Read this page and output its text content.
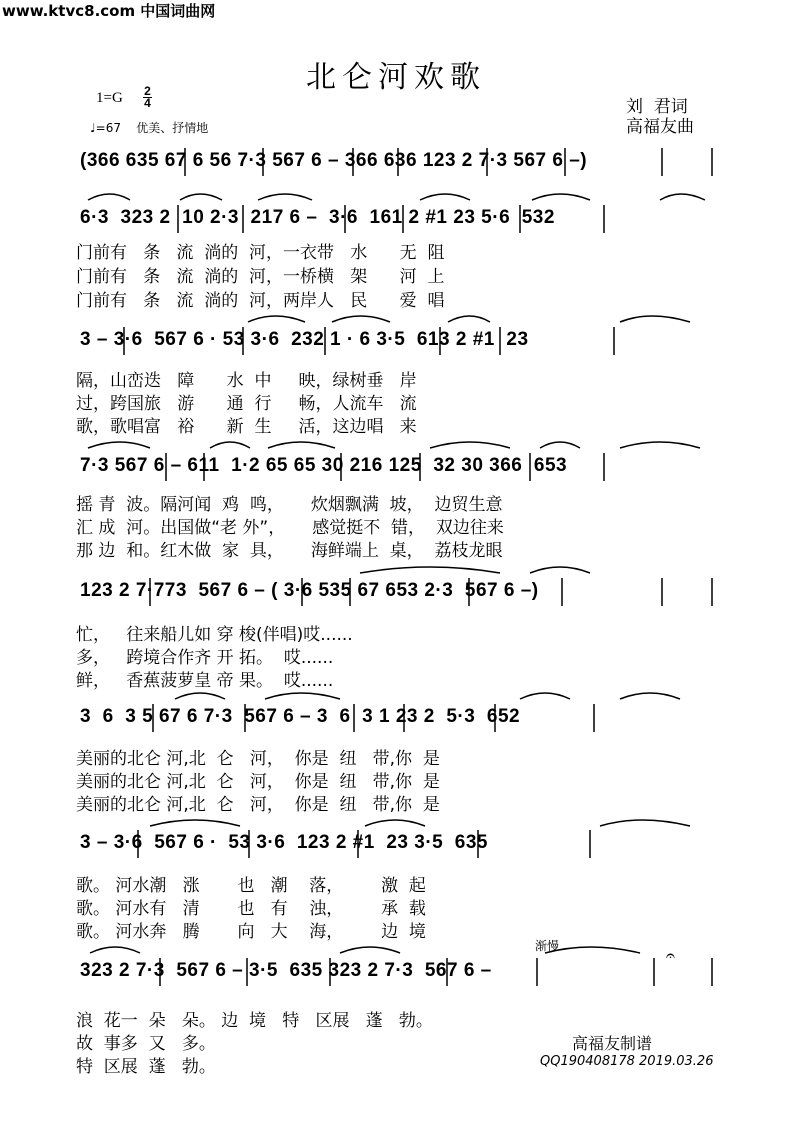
www.ktvc8.com 中国词曲网
北仑河欢歌
1=G 2
4
♩=67    优美、抒情地
刘  君词
高福友曲
(366 635 67 6 56 7·3 567 6 – 366 636 123 2 7·3 567 6 –)
6·3  323 2  10 2·3  217 6 –  3·6  161 2 #1 23 5·6  532
3 – 3·6  567 6 · 53 3·6  232 1 · 6 3·5  613 2 #1  23
7·3 567 6 – 611  1·2 65 65 30 216 125  32 30 366  653
123 2 7·773  567 6 – ( 3·6 535 67 653 2·3  567 6 –)
3  6  3 5 67 6 7·3  567 6 – 3  6  3 1 23 2  5·3  652
3 – 3·6  567 6 ·  53 3·6  123 2 #1  23 3·5  635
323 2 7·3  567 6 – 3·5  635 323 2 7·3  567 6 –
门前有   条   流  淌的  河，一衣带   水      无  阻
门前有   条   流  淌的  河，一桥横   架      河  上
门前有   条   流  淌的  河，两岸人   民      爱  唱
隔，山峦迭   障      水  中     映，绿树垂   岸
过，跨国旅   游      通  行     畅，人流车   流
歌，歌唱富   裕      新  生     活，这边唱   来
摇 青  波。隔河闻  鸡  鸣，     炊烟飘满  坡，  边贸生意
汇 成  河。出国做“老 外”，     感觉挺不  错，  双边往来
那 边  和。红木做  家  具，     海鲜端上  桌，  荔枝龙眼
忙，   往来船儿如 穿 梭(伴唱)哎......
多，   跨境合作齐 开 拓。  哎......
鲜，   香蕉菠萝皇 帝 果。  哎......
美丽的北仑 河,北  仑   河，  你是  纽   带,你  是
美丽的北仑 河,北  仑   河，  你是  纽   带,你  是
美丽的北仑 河,北  仑   河，  你是  纽   带,你  是
歌。 河水潮   涨       也   潮    落，       激  起
歌。 河水有   清       也   有    浊，       承  载
歌。 河水奔   腾       向   大    海，       边  境
浪  花一  朵   朵。 边  境   特   区展   蓬   勃。
故  事多  又   多。
特  区展  蓬   勃。
渐慢	𝄐
高福友制谱
QQ190408178 2019.03.26
